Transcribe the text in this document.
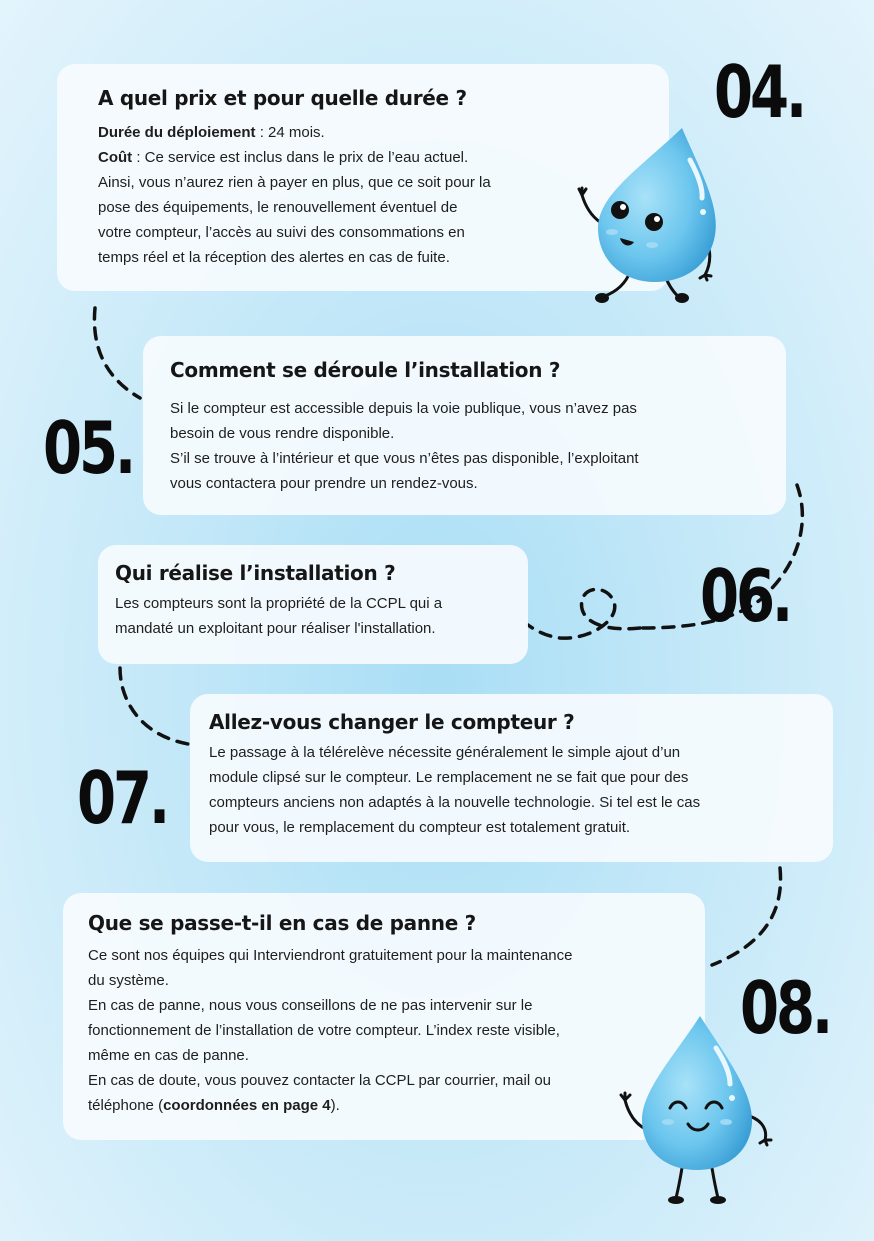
A quel prix et pour quelle durée ?

Durée du déploiement : 24 mois.
Coût : Ce service est inclus dans le prix de l’eau actuel.
Ainsi, vous n’aurez rien à payer en plus, que ce soit pour la
pose des équipements, le renouvellement éventuel de
votre compteur, l’accès au suivi des consommations en
temps réel et la réception des alertes en cas de fuite.

04.
Comment se déroule l’installation ?

Si le compteur est accessible depuis la voie publique, vous n’avez pas
besoin de vous rendre disponible.
S’il se trouve à l’intérieur et que vous n’êtes pas disponible, l’exploitant
vous contactera pour prendre un rendez-vous.

05.
Qui réalise l’installation ?

Les compteurs sont la propriété de la CCPL qui a
mandaté un exploitant pour réaliser l'installation.	06.
Allez-vous changer le compteur ?

Le passage à la télérelève nécessite généralement le simple ajout d’un
module clipsé sur le compteur. Le remplacement ne se fait que pour des
compteurs anciens non adaptés à la nouvelle technologie. Si tel est le cas
pour vous, le remplacement du compteur est totalement gratuit.

07.
Que se passe-t-il en cas de panne ?

Ce sont nos équipes qui Interviendront gratuitement pour la maintenance
du système.
En cas de panne, nous vous conseillons de ne pas intervenir sur le
fonctionnement de l’installation de votre compteur. L’index reste visible,
même en cas de panne.
En cas de doute, vous pouvez contacter la CCPL par courrier, mail ou
téléphone (coordonnées en page 4).

08.
